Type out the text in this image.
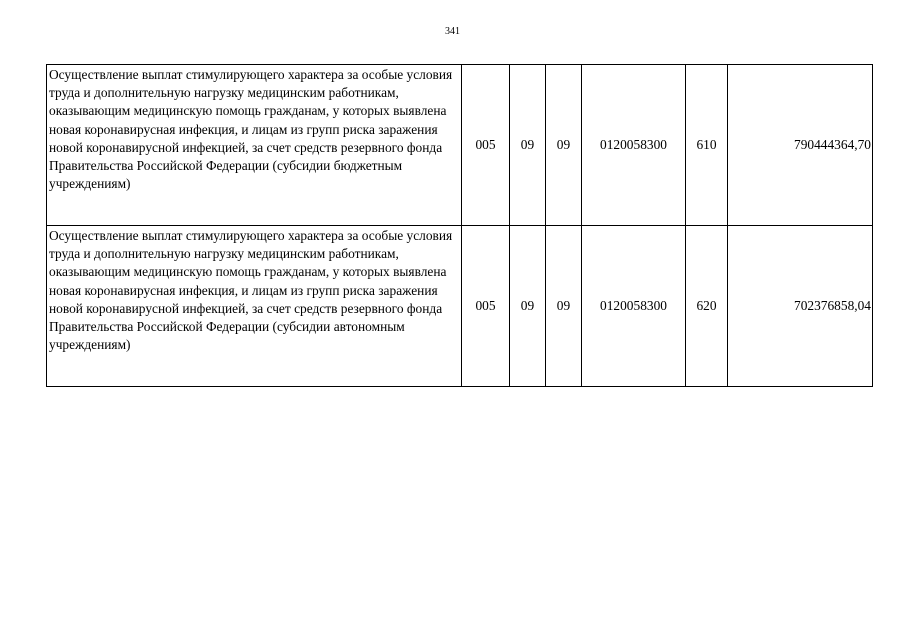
341
Осуществление выплат стимулирующего характера за особые условия труда и дополнительную нагрузку медицинским работникам, оказывающим медицинскую помощь гражданам, у которых выявлена новая коронавирусная инфекция, и лицам из групп риска заражения новой коронавирусной инфекцией, за счет средств резервного фонда Правительства Российской Федерации (субсидии бюджетным учреждениям)	005	09	09	0120058300	610	790444364,70
Осуществление выплат стимулирующего характера за особые условия труда и дополнительную нагрузку медицинским работникам, оказывающим медицинскую помощь гражданам, у которых выявлена новая коронавирусная инфекция, и лицам из групп риска заражения новой коронавирусной инфекцией, за счет средств резервного фонда Правительства Российской Федерации (субсидии автономным учреждениям)	005	09	09	0120058300	620	702376858,04
